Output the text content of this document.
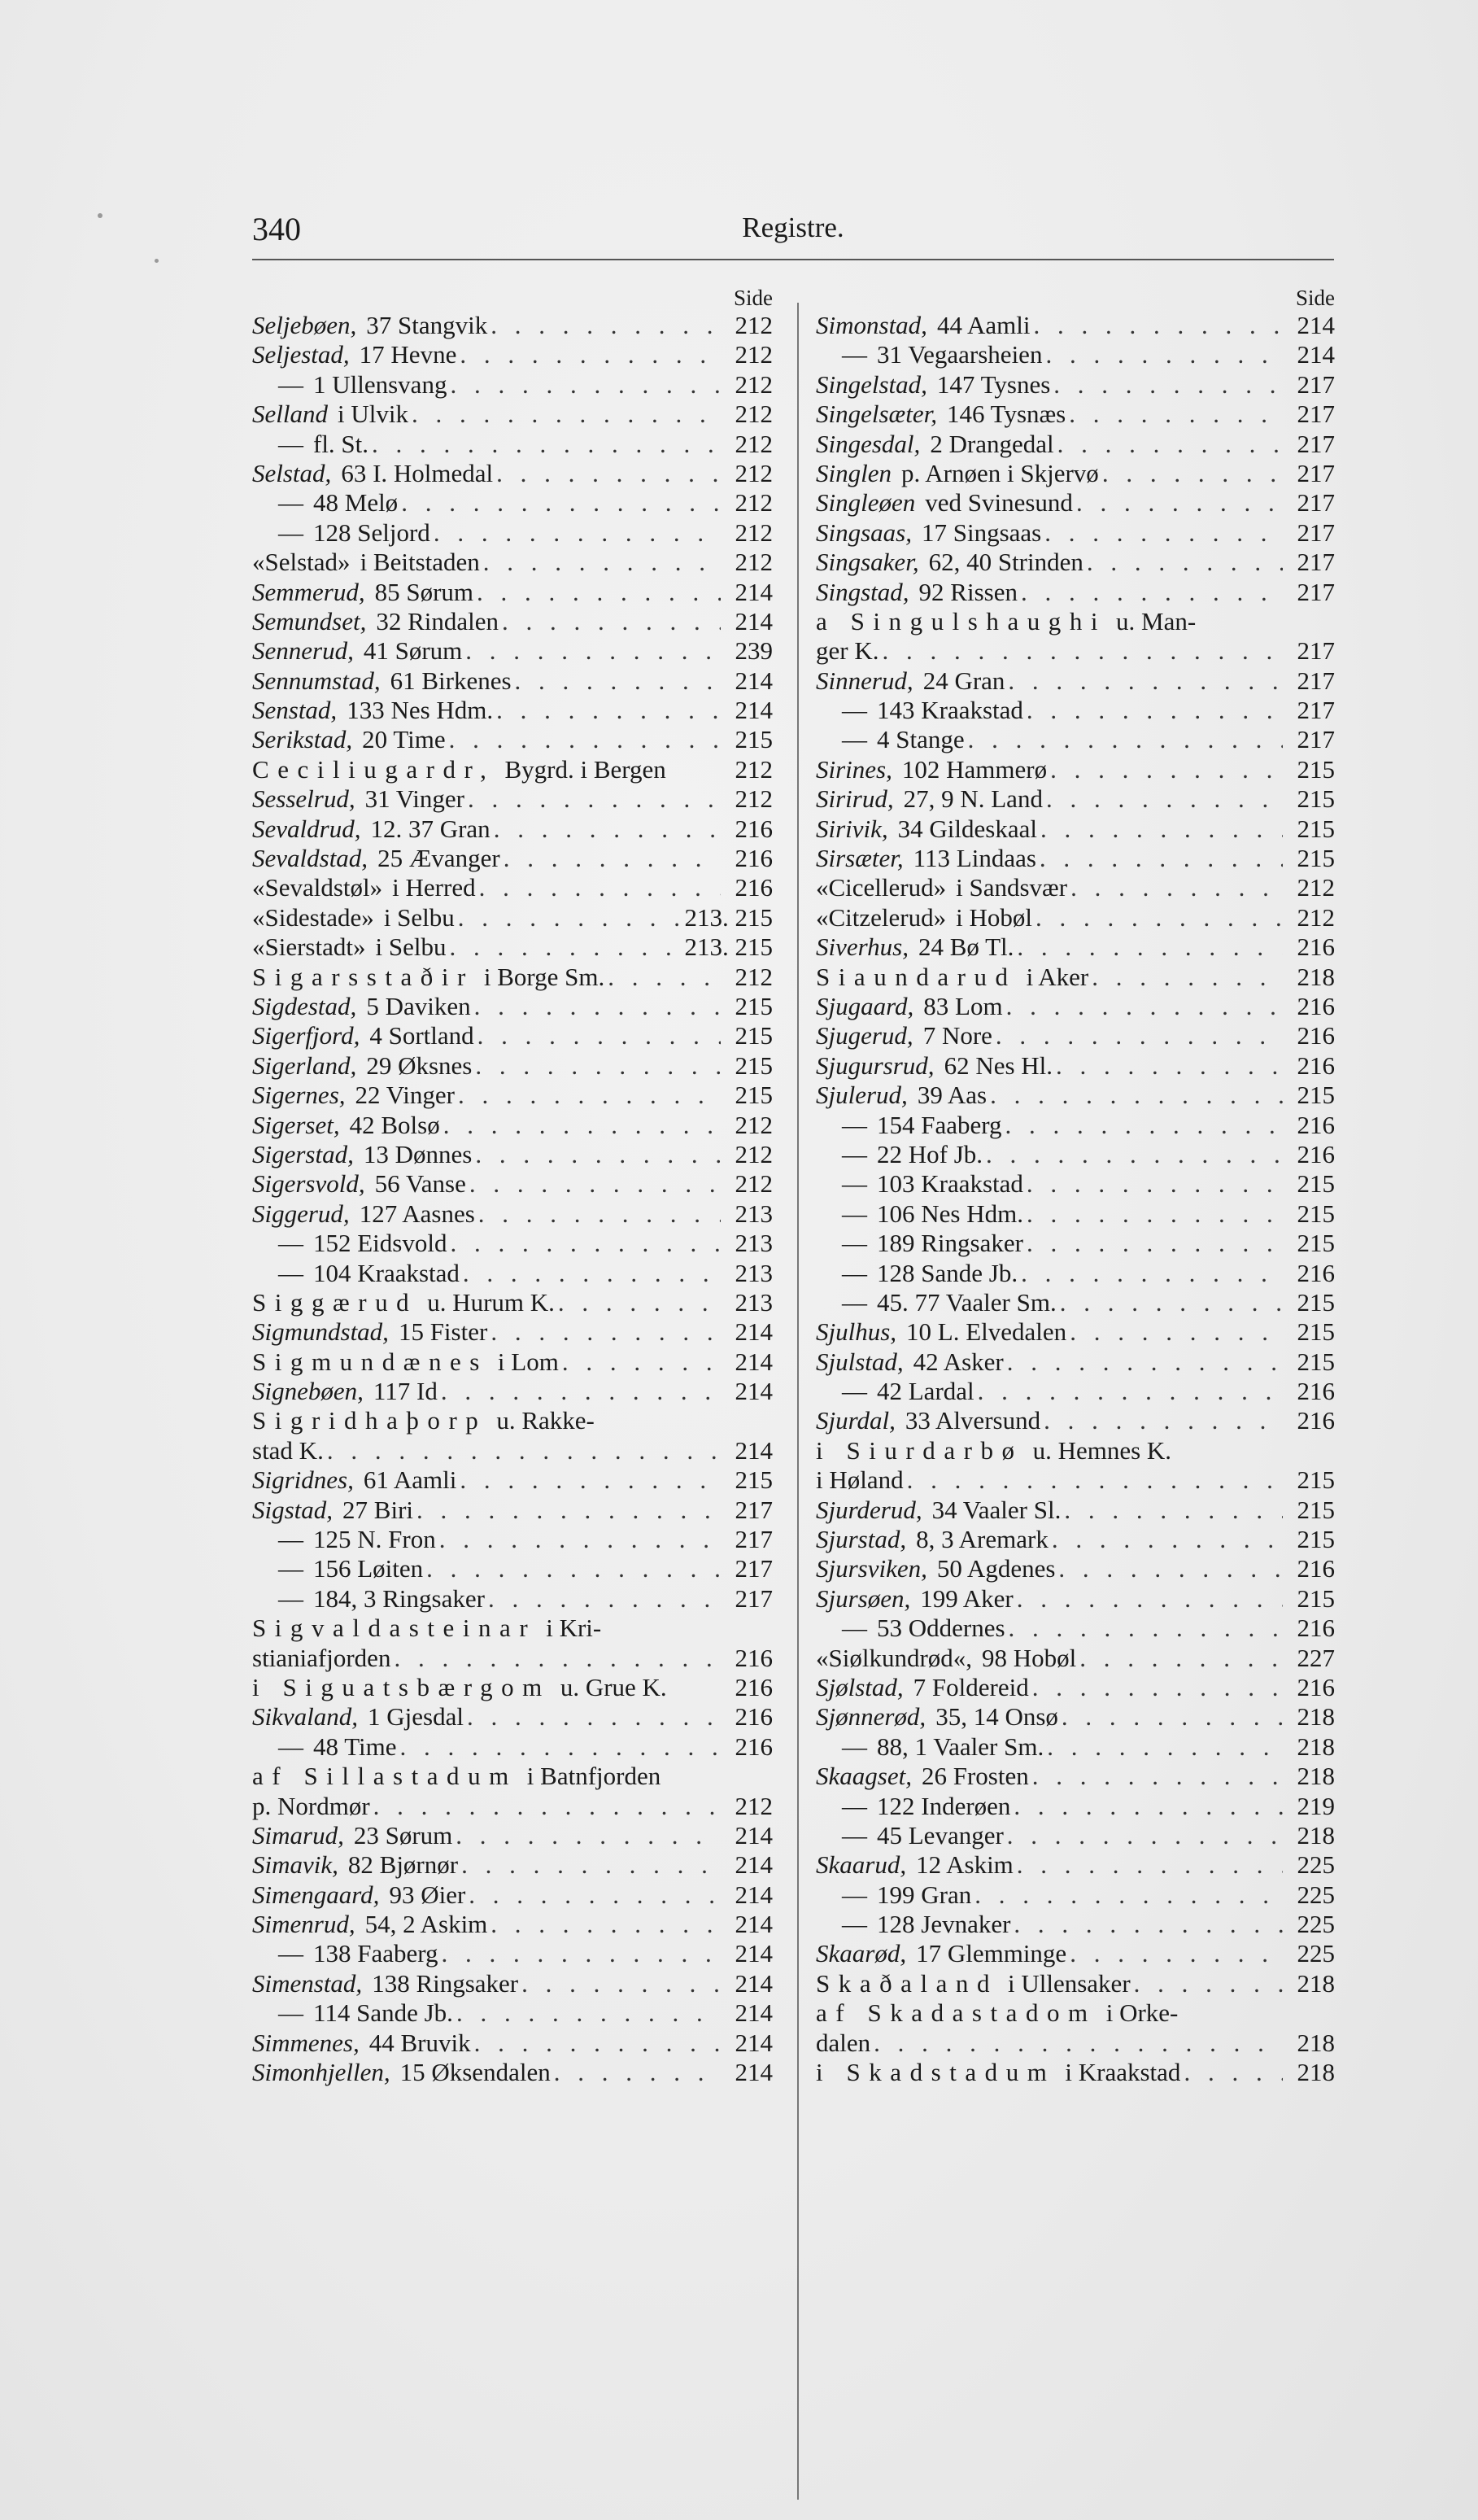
340	Registre.
Side
Seljebøen, 37 Stangvik . . .	212
Seljestad, 17 Hevne . . .	212
— 1 Ullensvang . . .	212
Selland i Ulvik . . .	212
— fl. St. . . .	212
Selstad, 63 I. Holmedal . . .	212
— 48 Melø . . .	212
— 128 Seljord . . .	212
«Selstad» i Beitstaden . . .	212
Semmerud, 85 Sørum . . .	214
Semundset, 32 Rindalen . . .	214
Sennerud, 41 Sørum . . .	239
Sennumstad, 61 Birkenes . . .	214
Senstad, 133 Nes Hdm. . . .	214
Serikstad, 20 Time . . .	215
Ceciliugardr, Bygrd. i Bergen	212
Sesselrud, 31 Vinger . . .	212
Sevaldrud, 12. 37 Gran . . .	216
Sevaldstad, 25 Ævanger . . .	216
«Sevaldstøl» i Herred . . .	216
«Sidestade» i Selbu . . .	213. 215
«Sierstadt» i Selbu . . .	213. 215
Sigarsstaðir i Borge Sm. . . .	212
Sigdestad, 5 Daviken . . .	215
Sigerfjord, 4 Sortland . . .	215
Sigerland, 29 Øksnes . . .	215
Sigernes, 22 Vinger . . .	215
Sigerset, 42 Bolsø . . .	212
Sigerstad, 13 Dønnes . . .	212
Sigersvold, 56 Vanse . . .	212
Siggerud, 127 Aasnes . . .	213
— 152 Eidsvold . . .	213
— 104 Kraakstad . . .	213
Siggærud u. Hurum K. . . .	213
Sigmundstad, 15 Fister . . .	214
Sigmundænes i Lom . . .	214
Signebøen, 117 Id . . .	214
Sigridhaþorp u. Rakke-
stad K. . . .	214
Sigridnes, 61 Aamli . . .	215
Sigstad, 27 Biri . . .	217
— 125 N. Fron . . .	217
— 156 Løiten . . .	217
— 184, 3 Ringsaker . . .	217
Sigvaldasteinar i Kri-
stianiafjorden . . .	216
i Siguatsbærgom u. Grue K.	216
Sikvaland, 1 Gjesdal . . .	216
— 48 Time . . .	216
af Sillastadum i Batnfjorden
p. Nordmør . . .	212
Simarud, 23 Sørum . . .	214
Simavik, 82 Bjørnør . . .	214
Simengaard, 93 Øier . . .	214
Simenrud, 54, 2 Askim . . .	214
— 138 Faaberg . . .	214
Simenstad, 138 Ringsaker . . .	214
— 114 Sande Jb. . . .	214
Simmenes, 44 Bruvik . . .	214
Simonhjellen, 15 Øksendalen . . .	214
Side
Simonstad, 44 Aamli . . .	214
— 31 Vegaarsheien . . .	214
Singelstad, 147 Tysnes . . .	217
Singelsæter, 146 Tysnæs . . .	217
Singesdal, 2 Drangedal . . .	217
Singlen p. Arnøen i Skjervø . . .	217
Singleøen ved Svinesund . . .	217
Singsaas, 17 Singsaas . . .	217
Singsaker, 62, 40 Strinden . . .	217
Singstad, 92 Rissen . . .	217
a Singulshaughi u. Man-
ger K. . . .	217
Sinnerud, 24 Gran . . .	217
— 143 Kraakstad . . .	217
— 4 Stange . . .	217
Sirines, 102 Hammerø . . .	215
Sirirud, 27, 9 N. Land . . .	215
Sirivik, 34 Gildeskaal . . .	215
Sirsæter, 113 Lindaas . . .	215
«Cicellerud» i Sandsvær . . .	212
«Citzelerud» i Hobøl . . .	212
Siverhus, 24 Bø Tl. . . .	216
Siaundarud i Aker . . .	218
Sjugaard, 83 Lom . . .	216
Sjugerud, 7 Nore . . .	216
Sjugursrud, 62 Nes Hl. . . .	216
Sjulerud, 39 Aas . . .	215
— 154 Faaberg . . .	216
— 22 Hof Jb. . . .	216
— 103 Kraakstad . . .	215
— 106 Nes Hdm. . . .	215
— 189 Ringsaker . . .	215
— 128 Sande Jb. . . .	216
— 45. 77 Vaaler Sm. . . .	215
Sjulhus, 10 L. Elvedalen . . .	215
Sjulstad, 42 Asker . . .	215
— 42 Lardal . . .	216
Sjurdal, 33 Alversund . . .	216
i Siurdarbø u. Hemnes K.
i Høland . . .	215
Sjurderud, 34 Vaaler Sl. . . .	215
Sjurstad, 8, 3 Aremark . . .	215
Sjursviken, 50 Agdenes . . .	216
Sjursøen, 199 Aker . . .	215
— 53 Oddernes . . .	216
«Siølkundrød«, 98 Hobøl . . .	227
Sjølstad, 7 Foldereid . . .	216
Sjønnerød, 35, 14 Onsø . . .	218
— 88, 1 Vaaler Sm. . . .	218
Skaagset, 26 Frosten . . .	218
— 122 Inderøen . . .	219
— 45 Levanger . . .	218
Skaarud, 12 Askim . . .	225
— 199 Gran . . .	225
— 128 Jevnaker . . .	225
Skaarød, 17 Glemminge . . .	225
Skaðaland i Ullensaker . . .	218
af Skadastadom i Orke-
dalen . . .	218
i Skadstadum i Kraakstad . . .	218
